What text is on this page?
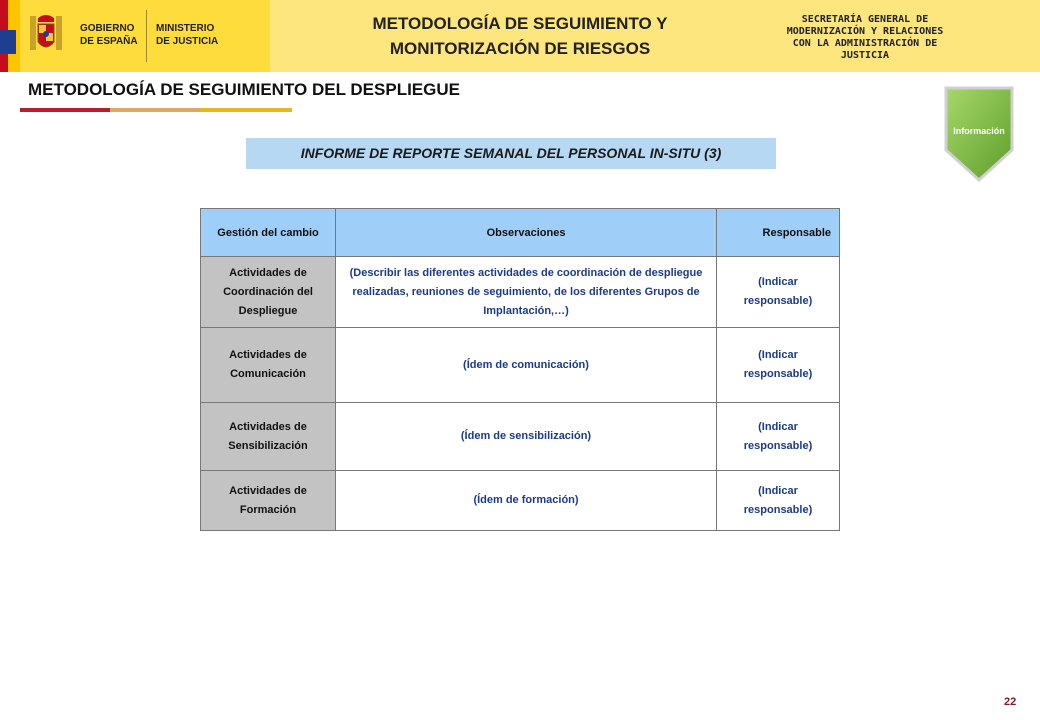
GOBIERNO
DE ESPAÑA
MINISTERIO
DE JUSTICIA
METODOLOGÍA DE SEGUIMIENTO Y
MONITORIZACIÓN DE RIESGOS
SECRETARÍA GENERAL DE
MODERNIZACIÓN Y RELACIONES
CON LA ADMINISTRACIÓN DE
JUSTICIA
METODOLOGÍA DE SEGUIMIENTO DEL DESPLIEGUE
Información
INFORME DE REPORTE SEMANAL DEL PERSONAL IN-SITU (3)
Gestión del cambio	Observaciones	Responsable
Actividades de Coordinación del Despliegue	(Describir las diferentes actividades de coordinación de despliegue realizadas, reuniones de seguimiento, de los diferentes Grupos de Implantación,…)	(Indicar responsable)
Actividades de Comunicación	(Ídem de comunicación)	(Indicar responsable)
Actividades de Sensibilización	(Ídem de sensibilización)	(Indicar responsable)
Actividades de Formación	(Ídem de formación)	(Indicar responsable)
22
